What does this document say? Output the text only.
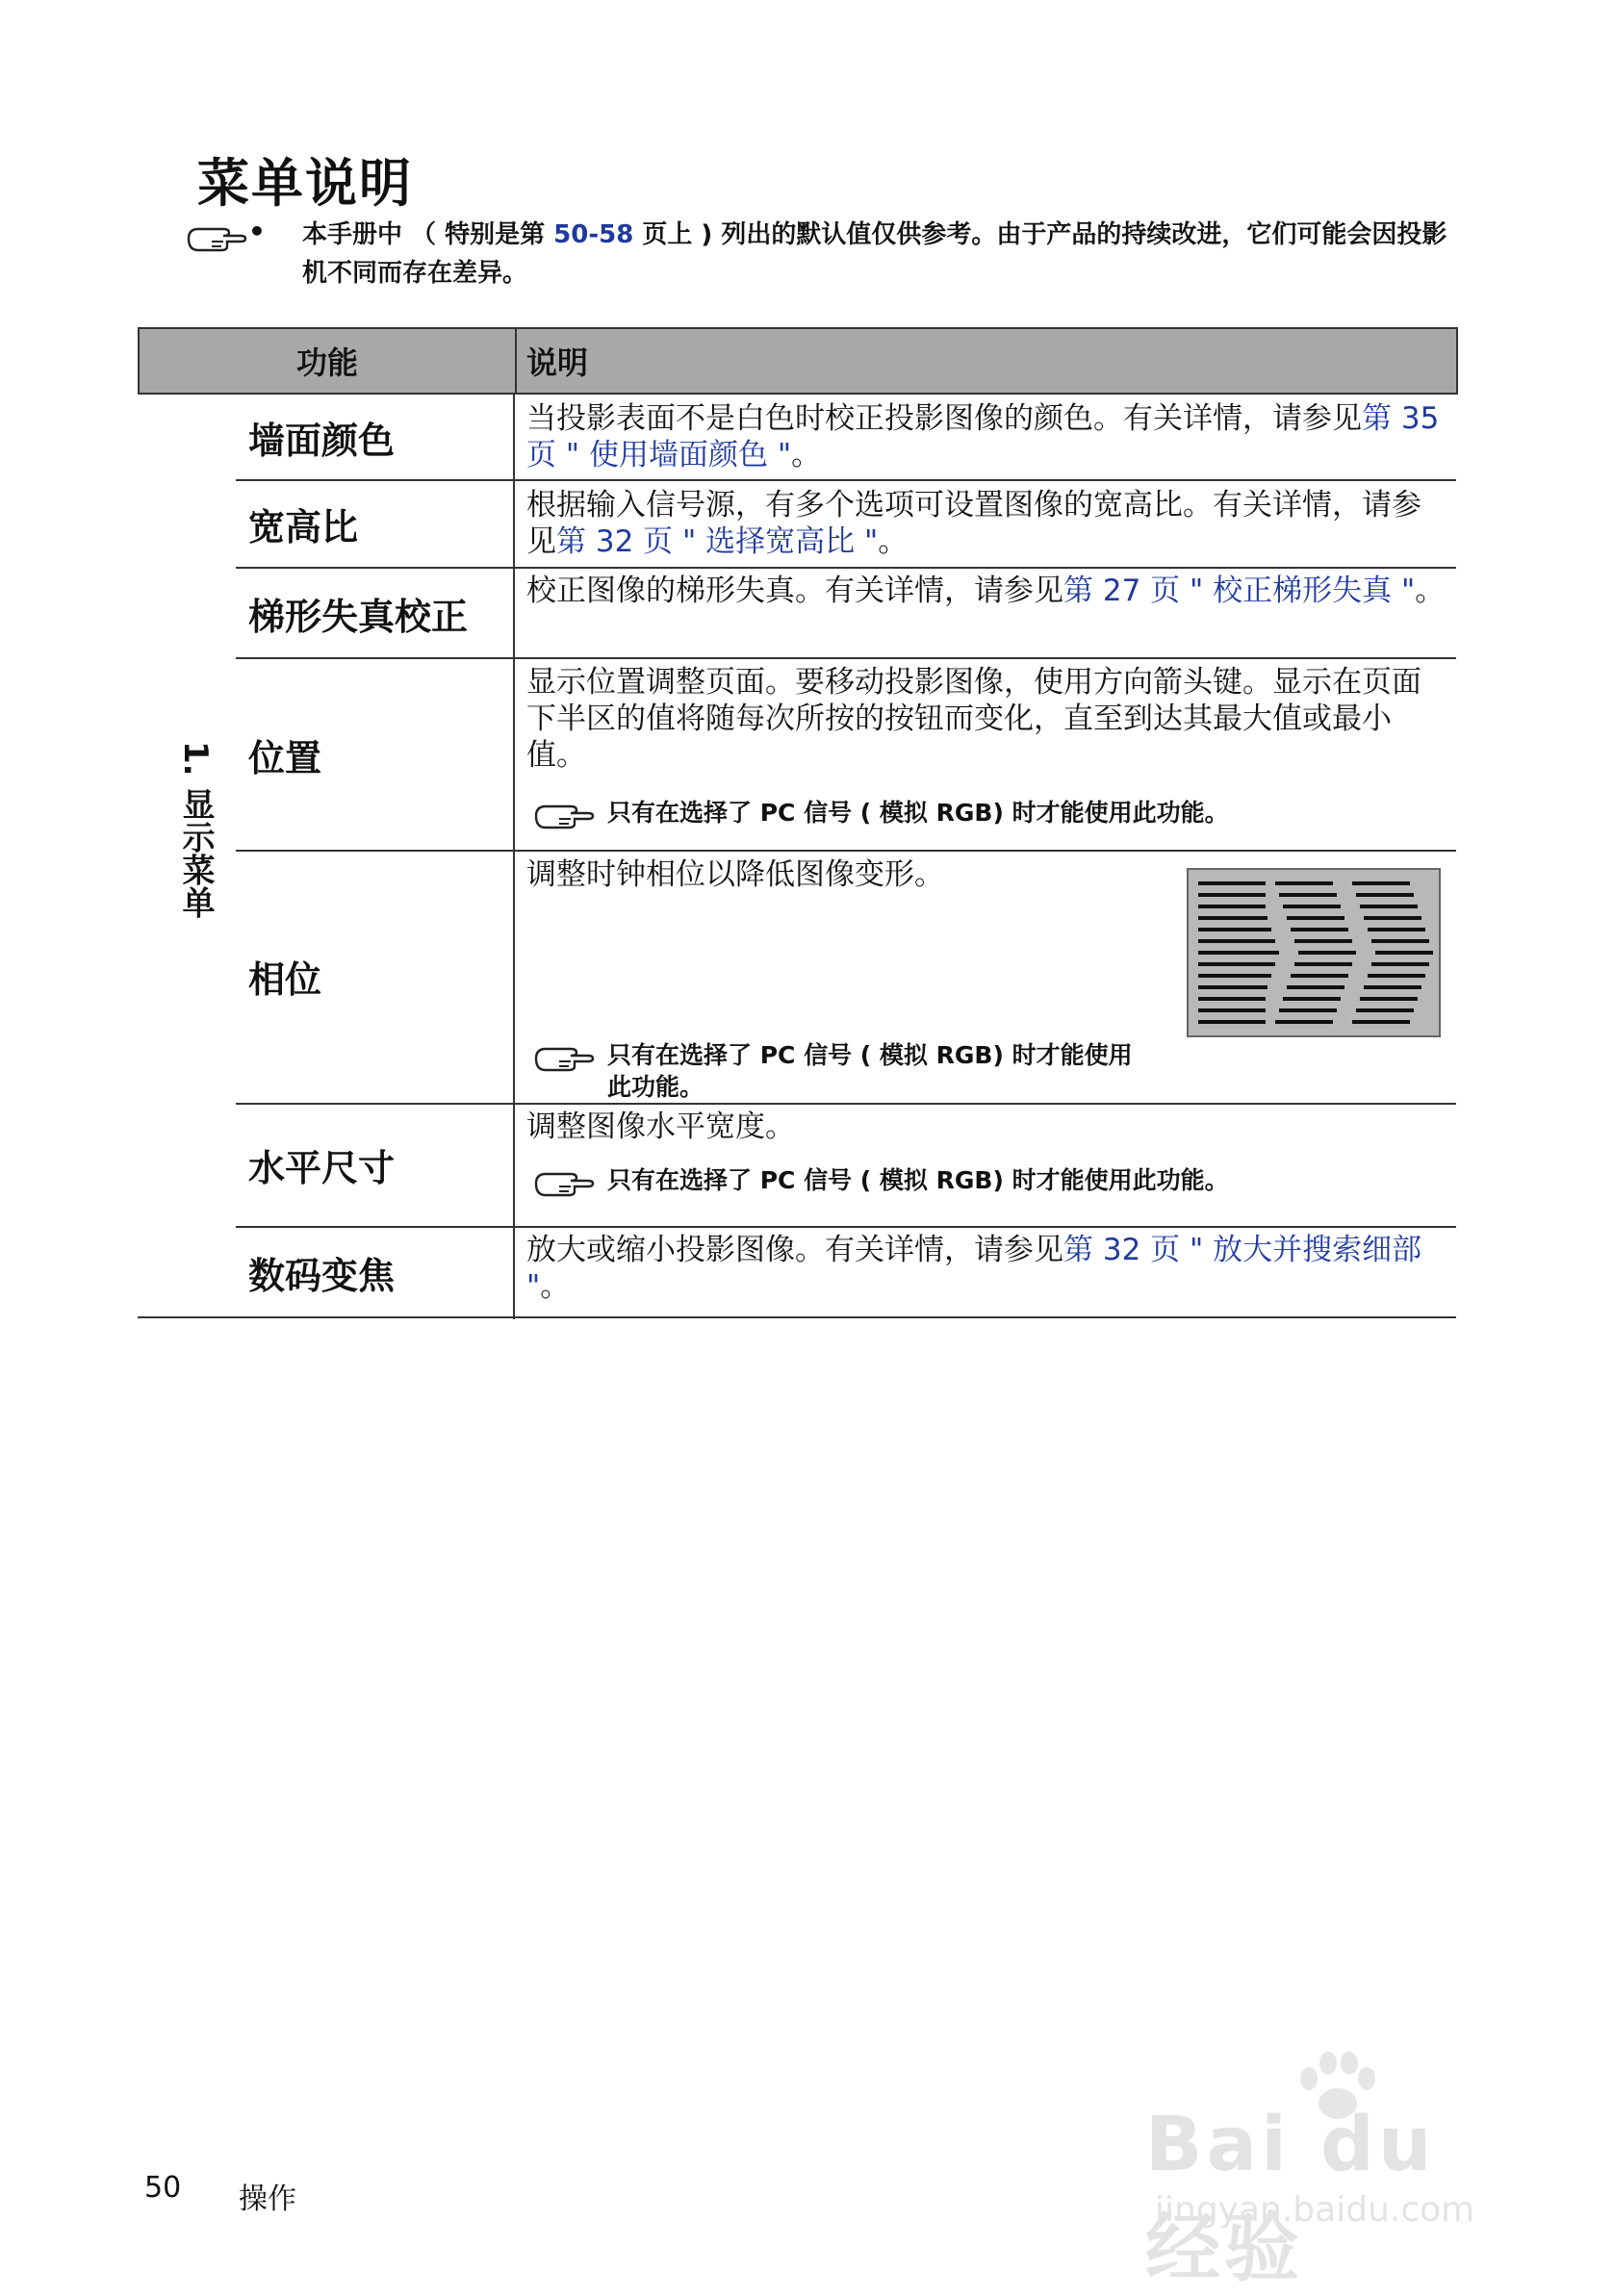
菜单说明
• 本手册中 （ 特别是第 50-58 页上 ) 列出的默认值仅供参考。由于产品的持续改进，它们可能会因投影机不同而存在差异。
功能	说明
1. 显示菜单
墙面颜色
当投影表面不是白色时校正投影图像的颜色。有关详情，请参见第 35 页 " 使用墙面颜色 "。
宽高比
根据输入信号源，有多个选项可设置图像的宽高比。有关详情，请参见第 32 页 " 选择宽高比 "。
梯形失真校正
校正图像的梯形失真。有关详情，请参见第 27 页 " 校正梯形失真 "。
位置
显示位置调整页面。要移动投影图像，使用方向箭头键。显示在页面下半区的值将随每次所按的按钮而变化，直至到达其最大值或最小值。
只有在选择了 PC 信号 ( 模拟 RGB) 时才能使用此功能。
相位
调整时钟相位以降低图像变形。
只有在选择了 PC 信号 ( 模拟 RGB) 时才能使用此功能。
水平尺寸
调整图像水平宽度。
只有在选择了 PC 信号 ( 模拟 RGB) 时才能使用此功能。
数码变焦
放大或缩小投影图像。有关详情，请参见第 32 页 " 放大并搜索细部 "。
50 操作
Bai du 经验
jingyan.baidu.com
